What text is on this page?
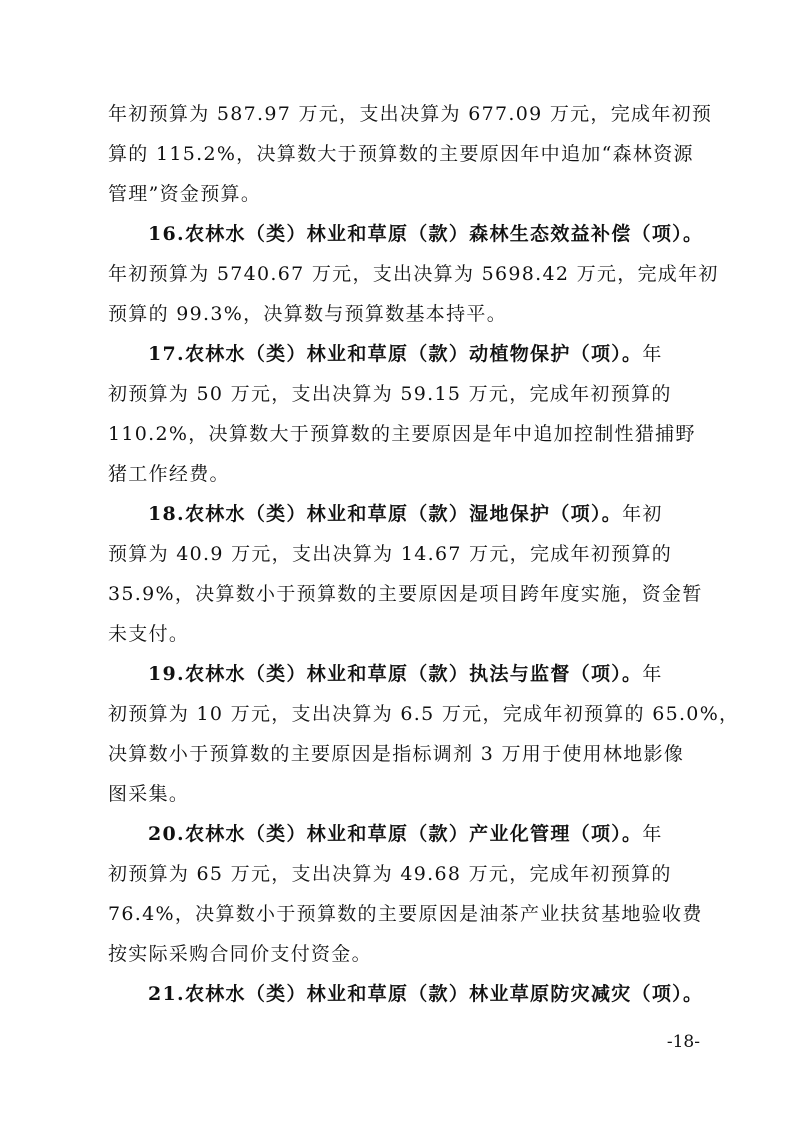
年初预算为 587.97 万元，支出决算为 677.09 万元，完成年初预
算的 115.2%，决算数大于预算数的主要原因年中追加“森林资源
管理”资金预算。
16.农林水（类）林业和草原（款）森林生态效益补偿（项）。
年初预算为 5740.67 万元，支出决算为 5698.42 万元，完成年初
预算的 99.3%，决算数与预算数基本持平。
17.农林水（类）林业和草原（款）动植物保护（项）。年
初预算为 50 万元，支出决算为 59.15 万元，完成年初预算的
110.2%，决算数大于预算数的主要原因是年中追加控制性猎捕野
猪工作经费。
18.农林水（类）林业和草原（款）湿地保护（项）。年初
预算为 40.9 万元，支出决算为 14.67 万元，完成年初预算的
35.9%，决算数小于预算数的主要原因是项目跨年度实施，资金暂
未支付。
19.农林水（类）林业和草原（款）执法与监督（项）。年
初预算为 10 万元，支出决算为 6.5 万元，完成年初预算的 65.0%，
决算数小于预算数的主要原因是指标调剂 3 万用于使用林地影像
图采集。
20.农林水（类）林业和草原（款）产业化管理（项）。年
初预算为 65 万元，支出决算为 49.68 万元，完成年初预算的
76.4%，决算数小于预算数的主要原因是油茶产业扶贫基地验收费
按实际采购合同价支付资金。
21.农林水（类）林业和草原（款）林业草原防灾减灾（项）。
-18-
